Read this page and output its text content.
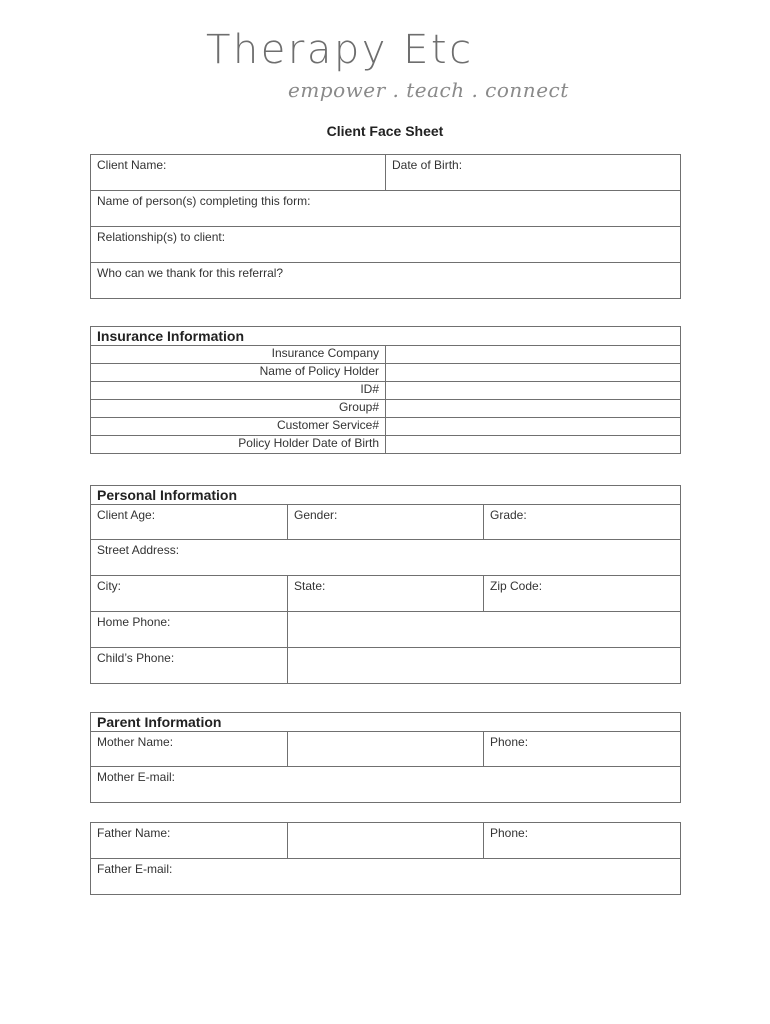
Therapy Etc
empower . teach . connect
Client Face Sheet
Client Name:	Date of Birth:
Name of person(s) completing this form:
Relationship(s) to client:
Who can we thank for this referral?
Insurance Information	
Insurance Company	
Name of Policy Holder	
ID#	
Group#	
Customer Service#	
Policy Holder Date of Birth	
Personal Information		
Client Age:	Gender:	Grade:
Street Address:		
City:	State:	Zip Code:
Home Phone:		
Child’s Phone:		
Parent Information
Mother Name:		Phone:
Mother E-mail:
Father Name:		Phone:
Father E-mail:
